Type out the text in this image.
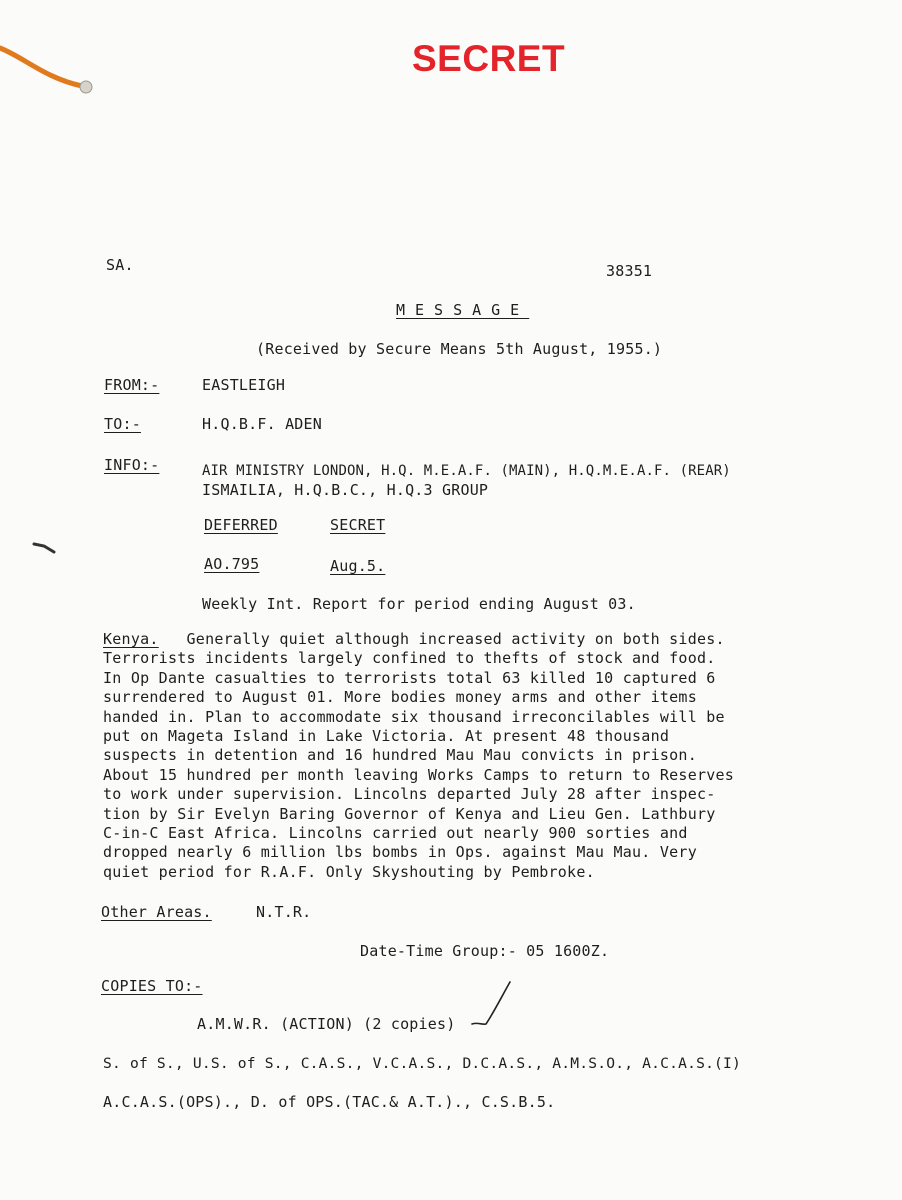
SECRET
SA.	38351
MESSAGE
(Received by Secure Means 5th August, 1955.)
FROM:-	EASTLEIGH
TO:-	H.Q.B.F. ADEN
INFO:-	AIR MINISTRY LONDON, H.Q. M.E.A.F. (MAIN), H.Q.M.E.A.F. (REAR)
ISMAILIA, H.Q.B.C., H.Q.3 GROUP
DEFERRED	SECRET
AO.795	Aug.5.
Weekly Int. Report for period ending August 03.
Kenya. Generally quiet although increased activity on both sides.
Terrorists incidents largely confined to thefts of stock and food.
In Op Dante casualties to terrorists total 63 killed 10 captured 6
surrendered to August 01. More bodies money arms and other items
handed in. Plan to accommodate six thousand irreconcilables will be
put on Mageta Island in Lake Victoria. At present 48 thousand
suspects in detention and 16 hundred Mau Mau convicts in prison.
About 15 hundred per month leaving Works Camps to return to Reserves
to work under supervision. Lincolns departed July 28 after inspec-
tion by Sir Evelyn Baring Governor of Kenya and Lieu Gen. Lathbury
C-in-C East Africa. Lincolns carried out nearly 900 sorties and
dropped nearly 6 million lbs bombs in Ops. against Mau Mau. Very
quiet period for R.A.F. Only Skyshouting by Pembroke.
Other Areas.	N.T.R.
Date-Time Group:- 05 1600Z.
COPIES TO:-
A.M.W.R. (ACTION) (2 copies)
S. of S., U.S. of S., C.A.S., V.C.A.S., D.C.A.S., A.M.S.O., A.C.A.S.(I)
A.C.A.S.(OPS)., D. of OPS.(TAC.& A.T.)., C.S.B.5.
